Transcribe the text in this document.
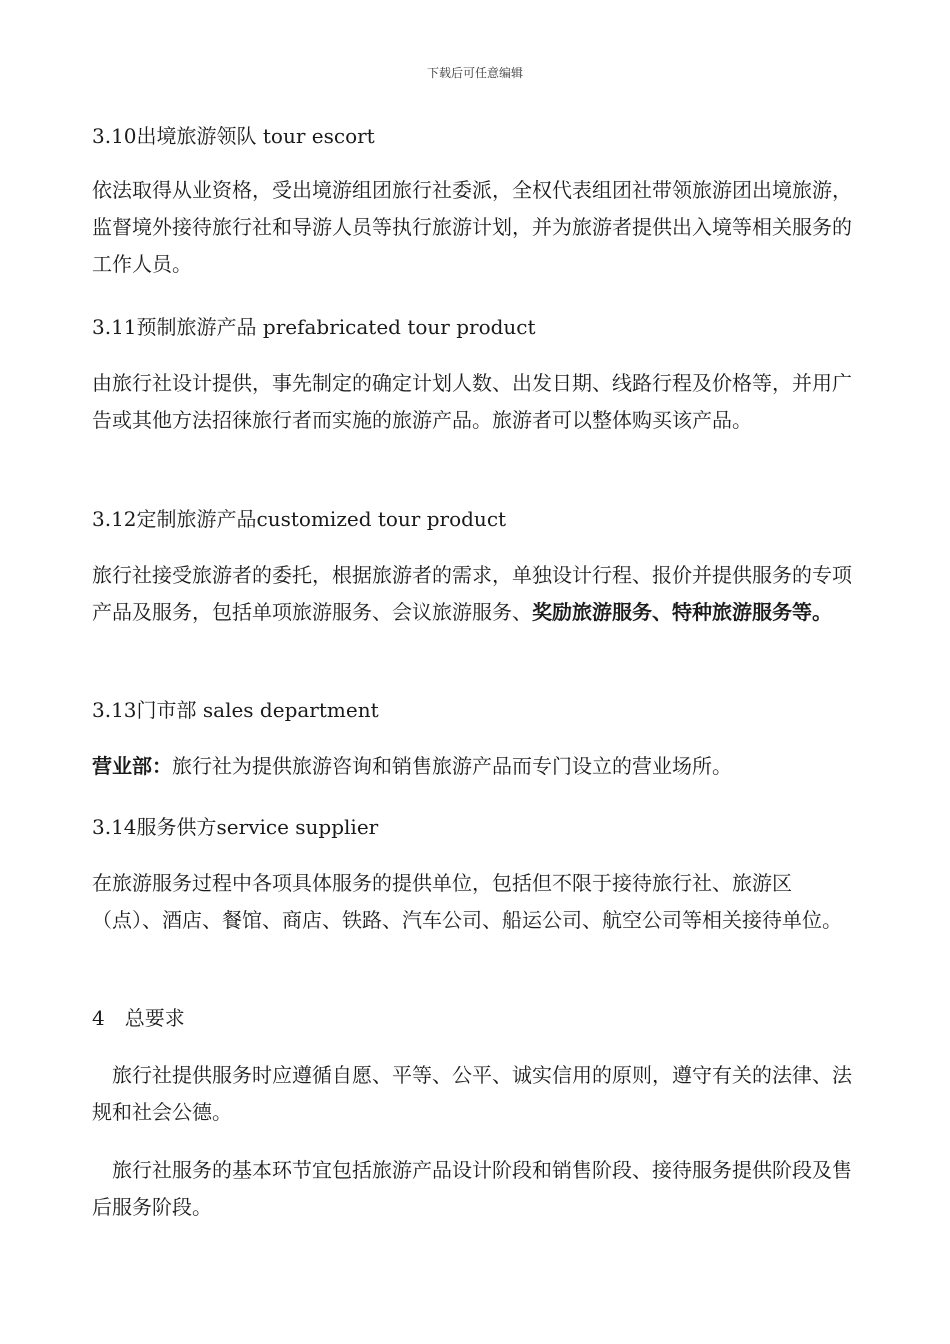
下载后可任意编辑
3.10出境旅游领队 tour escort
依法取得从业资格，受出境游组团旅行社委派，全权代表组团社带领旅游团出境旅游，监督境外接待旅行社和导游人员等执行旅游计划，并为旅游者提供出入境等相关服务的工作人员。
3.11预制旅游产品 prefabricated tour product
由旅行社设计提供，事先制定的确定计划人数、出发日期、线路行程及价格等，并用广告或其他方法招徕旅行者而实施的旅游产品。旅游者可以整体购买该产品。
3.12定制旅游产品customized tour product
旅行社接受旅游者的委托，根据旅游者的需求，单独设计行程、报价并提供服务的专项产品及服务，包括单项旅游服务、会议旅游服务、奖励旅游服务、特种旅游服务等。
3.13门市部 sales department
营业部：旅行社为提供旅游咨询和销售旅游产品而专门设立的营业场所。
3.14服务供方service supplier
在旅游服务过程中各项具体服务的提供单位，包括但不限于接待旅行社、旅游区（点）、酒店、餐馆、商店、铁路、汽车公司、船运公司、航空公司等相关接待单位。
4　总要求
旅行社提供服务时应遵循自愿、平等、公平、诚实信用的原则，遵守有关的法律、法规和社会公德。
旅行社服务的基本环节宜包括旅游产品设计阶段和销售阶段、接待服务提供阶段及售后服务阶段。
